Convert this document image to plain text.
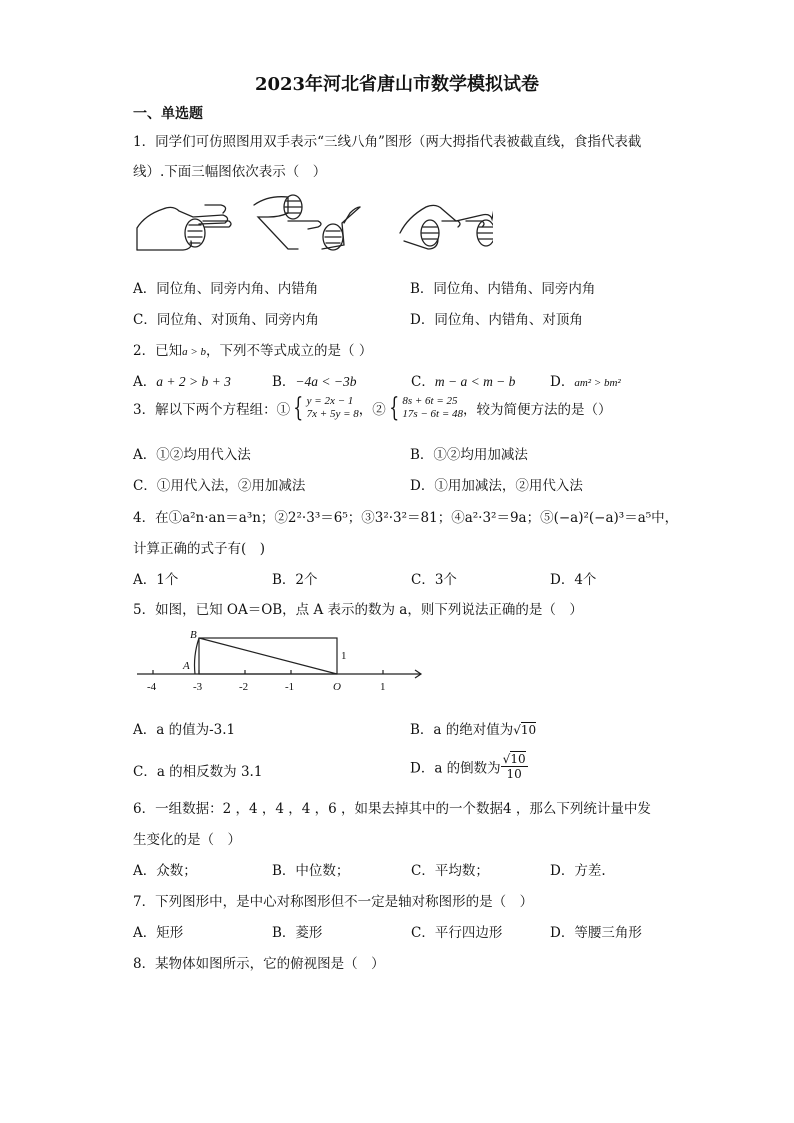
2023年河北省唐山市数学模拟试卷
一、单选题
1．同学们可仿照图用双手表示“三线八角”图形（两大拇指代表被截直线，食指代表截
线）.下面三幅图依次表示（　）
A．同位角、同旁内角、内错角	B．同位角、内错角、同旁内角
C．同位角、对顶角、同旁内角	D．同位角、内错角、对顶角
2．已知a > b，下列不等式成立的是（ ）
A．a + 2 > b + 3	B．−4a < −3b	C．m − a < m − b	D．am² > bm²
3．解以下两个方程组：① { y = 2x − 1
7x + 5y = 8 ，② { 8s + 6t = 25
17s − 6t = 48 ，较为简便方法的是（）
A．①②均用代入法	B．①②均用加减法
C．①用代入法，②用加减法	D．①用加减法，②用代入法
4．在①a²n·an＝a³n；②2²·3³＝6⁵；③3²·3²＝81；④a²·3²＝9a；⑤(−a)²(−a)³＝a⁵中，
计算正确的式子有(　)
A．1个	B．2个	C．3个	D．4个
5．如图，已知 OA＝OB，点 A 表示的数为 a，则下列说法正确的是（　）
-4	-3	-2	-1	O	1
B
A
1
A．a 的值为-3.1	B．a 的绝对值为√10
C．a 的相反数为 3.1	D．a 的倒数为 $\frac{√10}{10}$
6．一组数据：2 ，4 ，4 ，4 ，6 ，如果去掉其中的一个数据4 ，那么下列统计量中发
生变化的是（　）
A．众数；	B．中位数；	C．平均数；	D．方差.
7．下列图形中，是中心对称图形但不一定是轴对称图形的是（　）
A．矩形	B．菱形	C．平行四边形	D．等腰三角形
8．某物体如图所示，它的俯视图是（　）
